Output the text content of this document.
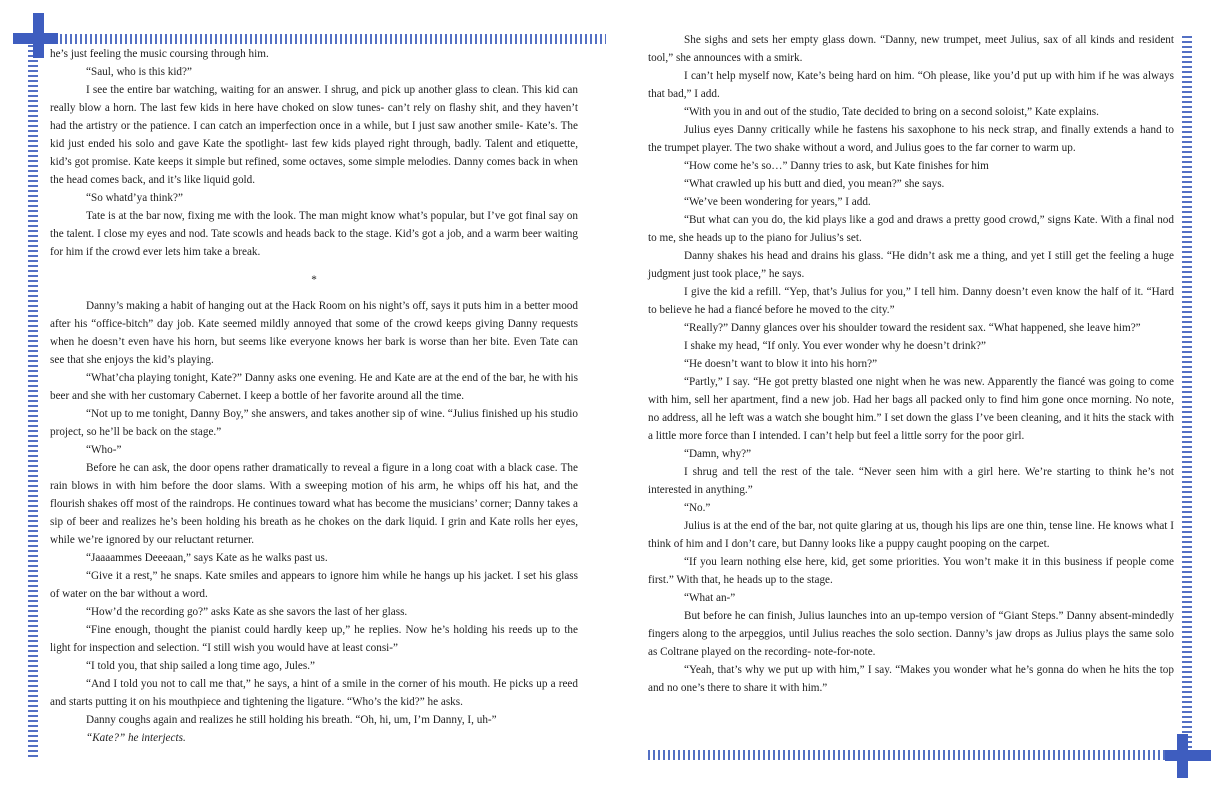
he’s just feeling the music coursing through him.

“Saul, who is this kid?”

I see the entire bar watching, waiting for an answer. I shrug, and pick up another glass to clean. This kid can really blow a horn. The last few kids in here have choked on slow tunes- can’t rely on flashy shit, and they haven’t had the artistry or the patience. I can catch an imperfection once in a while, but I just saw another smile- Kate’s. The kid just ended his solo and gave Kate the spotlight- last few kids played right through, badly. Talent and etiquette, kid’s got promise. Kate keeps it simple but refined, some octaves, some simple melodies. Danny comes back in when the head comes back, and it’s like liquid gold.

“So whatd’ya think?”

Tate is at the bar now, fixing me with the look. The man might know what’s popular, but I’ve got final say on the talent. I close my eyes and nod. Tate scowls and heads back to the stage. Kid’s got a job, and a warm beer waiting for him if the crowd ever lets him take a break.

*

Danny’s making a habit of hanging out at the Hack Room on his night’s off, says it puts him in a better mood after his “office-bitch” day job. Kate seemed mildly annoyed that some of the crowd keeps giving Danny requests when he doesn’t even have his horn, but seems like everyone knows her bark is worse than her bite. Even Tate can see that she enjoys the kid’s playing.

“What’cha playing tonight, Kate?” Danny asks one evening. He and Kate are at the end of the bar, he with his beer and she with her customary Cabernet. I keep a bottle of her favorite around all the time.

“Not up to me tonight, Danny Boy,” she answers, and takes another sip of wine. “Julius finished up his studio project, so he’ll be back on the stage.”

“Who-”

Before he can ask, the door opens rather dramatically to reveal a figure in a long coat with a black case. The rain blows in with him before the door slams. With a sweeping motion of his arm, he whips off his hat, and the flourish shakes off most of the raindrops. He continues toward what has become the musicians’ corner; Danny takes a sip of beer and realizes he’s been holding his breath as he chokes on the dark liquid. I grin and Kate rolls her eyes, while we’re ignored by our reluctant returner.

“Jaaaammes Deeeaan,” says Kate as he walks past us.

“Give it a rest,” he snaps. Kate smiles and appears to ignore him while he hangs up his jacket. I set his glass of water on the bar without a word.

“How’d the recording go?” asks Kate as she savors the last of her glass.

“Fine enough, thought the pianist could hardly keep up,” he replies. Now he’s holding his reeds up to the light for inspection and selection. “I still wish you would have at least consi-”

“I told you, that ship sailed a long time ago, Jules.”

“And I told you not to call me that,” he says, a hint of a smile in the corner of his mouth. He picks up a reed and starts putting it on his mouthpiece and tightening the ligature. “Who’s the kid?” he asks.

Danny coughs again and realizes he still holding his breath. “Oh, hi, um, I’m Danny, I, uh-”

“Kate?” he interjects.

She sighs and sets her empty glass down. “Danny, new trumpet, meet Julius, sax of all kinds and resident tool,” she announces with a smirk.

I can’t help myself now, Kate’s being hard on him. “Oh please, like you’d put up with him if he was always that bad,” I add.

“With you in and out of the studio, Tate decided to bring on a second soloist,” Kate explains.

Julius eyes Danny critically while he fastens his saxophone to his neck strap, and finally extends a hand to the trumpet player. The two shake without a word, and Julius goes to the far corner to warm up.

“How come he’s so…” Danny tries to ask, but Kate finishes for him

“What crawled up his butt and died, you mean?” she says.

“We’ve been wondering for years,” I add.

“But what can you do, the kid plays like a god and draws a pretty good crowd,” signs Kate. With a final nod to me, she heads up to the piano for Julius’s set.

Danny shakes his head and drains his glass. “He didn’t ask me a thing, and yet I still get the feeling a huge judgment just took place,” he says.

I give the kid a refill. “Yep, that’s Julius for you,” I tell him. Danny doesn’t even know the half of it. “Hard to believe he had a fiancé before he moved to the city.”

“Really?” Danny glances over his shoulder toward the resident sax. “What happened, she leave him?”

I shake my head, “If only. You ever wonder why he doesn’t drink?”

“He doesn’t want to blow it into his horn?”

“Partly,” I say. “He got pretty blasted one night when he was new. Apparently the fiancé was going to come with him, sell her apartment, find a new job. Had her bags all packed only to find him gone once morning. No note, no address, all he left was a watch she bought him.” I set down the glass I’ve been cleaning, and it hits the stack with a little more force than I intended. I can’t help but feel a little sorry for the poor girl.

“Damn, why?”

I shrug and tell the rest of the tale. “Never seen him with a girl here. We’re starting to think he’s not interested in anything.”

“No.”

Julius is at the end of the bar, not quite glaring at us, though his lips are one thin, tense line. He knows what I think of him and I don’t care, but Danny looks like a puppy caught pooping on the carpet.

“If you learn nothing else here, kid, get some priorities. You won’t make it in this business if people come first.” With that, he heads up to the stage.

“What an-”

But before he can finish, Julius launches into an up-tempo version of “Giant Steps.” Danny absent-mindedly fingers along to the arpeggios, until Julius reaches the solo section. Danny’s jaw drops as Julius plays the same solo as Coltrane played on the recording- note-for-note.

“Yeah, that’s why we put up with him,” I say. “Makes you wonder what he’s gonna do when he hits the top and no one’s there to share it with him.”
